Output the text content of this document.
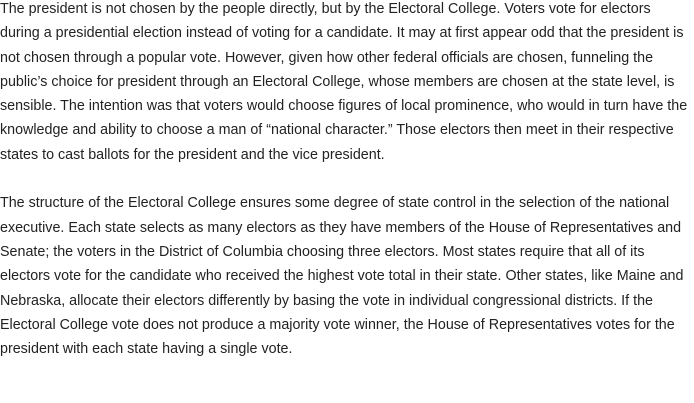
The president is not chosen by the people directly, but by the Electoral College. Voters vote for electors during a presidential election instead of voting for a candidate. It may at first appear odd that the president is not chosen through a popular vote. However, given how other federal officials are chosen, funneling the public’s choice for president through an Electoral College, whose members are chosen at the state level, is sensible. The intention was that voters would choose figures of local prominence, who would in turn have the knowledge and ability to choose a man of “national character.” Those electors then meet in their respective states to cast ballots for the president and the vice president.

The structure of the Electoral College ensures some degree of state control in the selection of the national executive. Each state selects as many electors as they have members of the House of Representatives and Senate; the voters in the District of Columbia choosing three electors. Most states require that all of its electors vote for the candidate who received the highest vote total in their state. Other states, like Maine and Nebraska, allocate their electors differently by basing the vote in individual congressional districts. If the Electoral College vote does not produce a majority vote winner, the House of Representatives votes for the president with each state having a single vote.
